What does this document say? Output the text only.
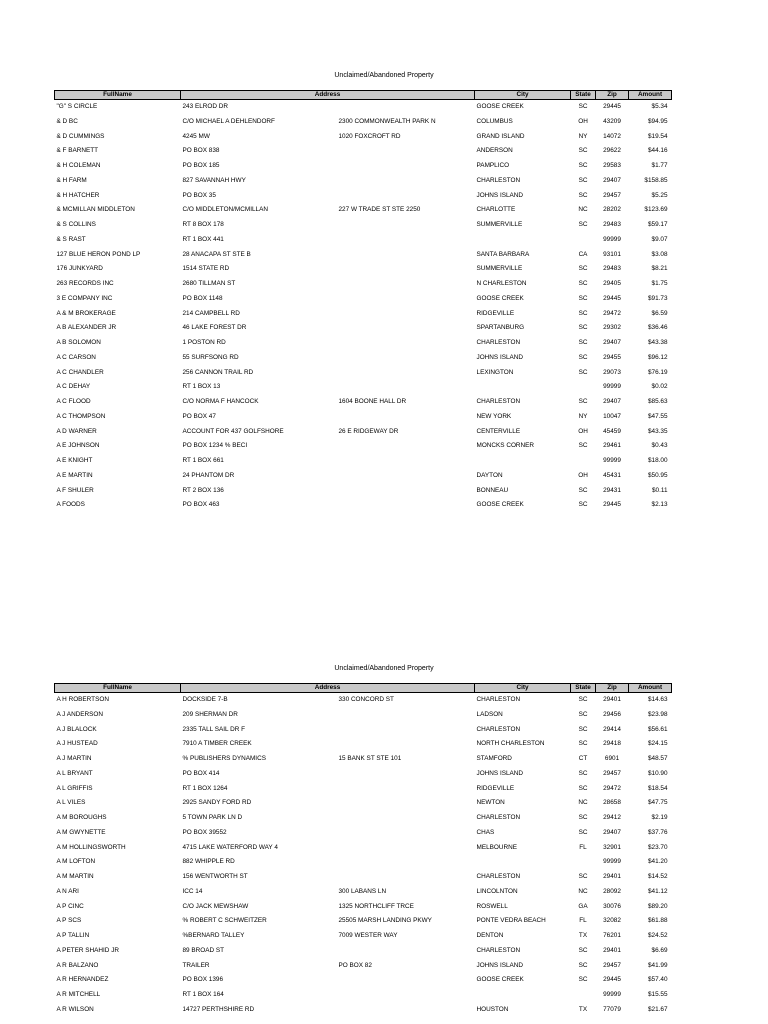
Unclaimed/Abandoned Property
FullName	Address		City	State	Zip	Amount
"G" S CIRCLE	243 ELROD DR		GOOSE CREEK	SC	29445	$5.34
& D BC	C/O MICHAEL A DEHLENDORF	2300 COMMONWEALTH PARK N	COLUMBUS	OH	43209	$94.95
& D CUMMINGS	4245 MW	1020 FOXCROFT RD	GRAND ISLAND	NY	14072	$19.54
& F BARNETT	PO BOX 838		ANDERSON	SC	29622	$44.16
& H COLEMAN	PO BOX 185		PAMPLICO	SC	29583	$1.77
& H FARM	827 SAVANNAH HWY		CHARLESTON	SC	29407	$158.85
& H HATCHER	PO BOX 35		JOHNS ISLAND	SC	29457	$5.25
& MCMILLAN MIDDLETON	C/O MIDDLETON/MCMILLAN	227 W TRADE ST STE 2250	CHARLOTTE	NC	28202	$123.69
& S COLLINS	RT 8 BOX 178		SUMMERVILLE	SC	29483	$59.17
& S RAST	RT 1 BOX 441				99999	$9.07
127 BLUE HERON POND LP	28 ANACAPA ST STE B		SANTA BARBARA	CA	93101	$3.08
176 JUNKYARD	1514 STATE RD		SUMMERVILLE	SC	29483	$8.21
263 RECORDS INC	2680 TILLMAN ST		N CHARLESTON	SC	29405	$1.75
3 E COMPANY INC	PO BOX 1148		GOOSE CREEK	SC	29445	$91.73
A & M BROKERAGE	214 CAMPBELL RD		RIDGEVILLE	SC	29472	$6.59
A B ALEXANDER JR	46 LAKE FOREST DR		SPARTANBURG	SC	29302	$36.46
A B SOLOMON	1 POSTON RD		CHARLESTON	SC	29407	$43.38
A C CARSON	55 SURFSONG RD		JOHNS ISLAND	SC	29455	$96.12
A C CHANDLER	256 CANNON TRAIL RD		LEXINGTON	SC	29073	$76.19
A C DEHAY	RT 1 BOX 13				99999	$0.02
A C FLOOD	C/O NORMA F HANCOCK	1604 BOONE HALL DR	CHARLESTON	SC	29407	$85.63
A C THOMPSON	PO BOX 47		NEW YORK	NY	10047	$47.55
A D WARNER	ACCOUNT FOR 437 GOLFSHORE	26 E RIDGEWAY DR	CENTERVILLE	OH	45459	$43.35
A E JOHNSON	PO BOX 1234 % BECI		MONCKS CORNER	SC	29461	$0.43
A E KNIGHT	RT 1 BOX 661				99999	$18.00
A E MARTIN	24 PHANTOM DR		DAYTON	OH	45431	$50.95
A F SHULER	RT 2 BOX 136		BONNEAU	SC	29431	$0.11
A FOODS	PO BOX 463		GOOSE CREEK	SC	29445	$2.13
Unclaimed/Abandoned Property
FullName	Address		City	State	Zip	Amount
A H ROBERTSON	DOCKSIDE 7-B	330 CONCORD ST	CHARLESTON	SC	29401	$14.63
A J ANDERSON	209 SHERMAN DR		LADSON	SC	29456	$23.98
A J BLALOCK	2335 TALL SAIL DR F		CHARLESTON	SC	29414	$56.61
A J HUSTEAD	7910 A TIMBER CREEK		NORTH CHARLESTON	SC	29418	$24.15
A J MARTIN	% PUBLISHERS DYNAMICS	15 BANK ST STE 101	STAMFORD	CT	6901	$48.57
A L BRYANT	PO BOX 414		JOHNS ISLAND	SC	29457	$10.90
A L GRIFFIS	RT 1 BOX 1264		RIDGEVILLE	SC	29472	$18.54
A L VILES	2925 SANDY FORD RD		NEWTON	NC	28658	$47.75
A M BOROUGHS	5 TOWN PARK LN D		CHARLESTON	SC	29412	$2.19
A M GWYNETTE	PO BOX 39552		CHAS	SC	29407	$37.76
A M HOLLINGSWORTH	4715 LAKE WATERFORD WAY 4		MELBOURNE	FL	32901	$23.70
A M LOFTON	882 WHIPPLE RD				99999	$41.20
A M MARTIN	156 WENTWORTH ST		CHARLESTON	SC	29401	$14.52
A N ARI	ICC 14	300 LABANS LN	LINCOLNTON	NC	28092	$41.12
A P CINC	C/O JACK MEWSHAW	1325 NORTHCLIFF TRCE	ROSWELL	GA	30076	$89.20
A P SCS	% ROBERT C SCHWEITZER	25505 MARSH LANDING PKWY	PONTE VEDRA BEACH	FL	32082	$61.88
A P TALLIN	%BERNARD TALLEY	7009 WESTER WAY	DENTON	TX	76201	$24.52
A PETER SHAHID JR	89 BROAD ST		CHARLESTON	SC	29401	$6.69
A R BALZANO	TRAILER	PO BOX 82	JOHNS ISLAND	SC	29457	$41.99
A R HERNANDEZ	PO BOX 1396		GOOSE CREEK	SC	29445	$57.40
A R MITCHELL	RT 1 BOX 164				99999	$15.55
A R WILSON	14727 PERTHSHIRE RD		HOUSTON	TX	77079	$21.67
